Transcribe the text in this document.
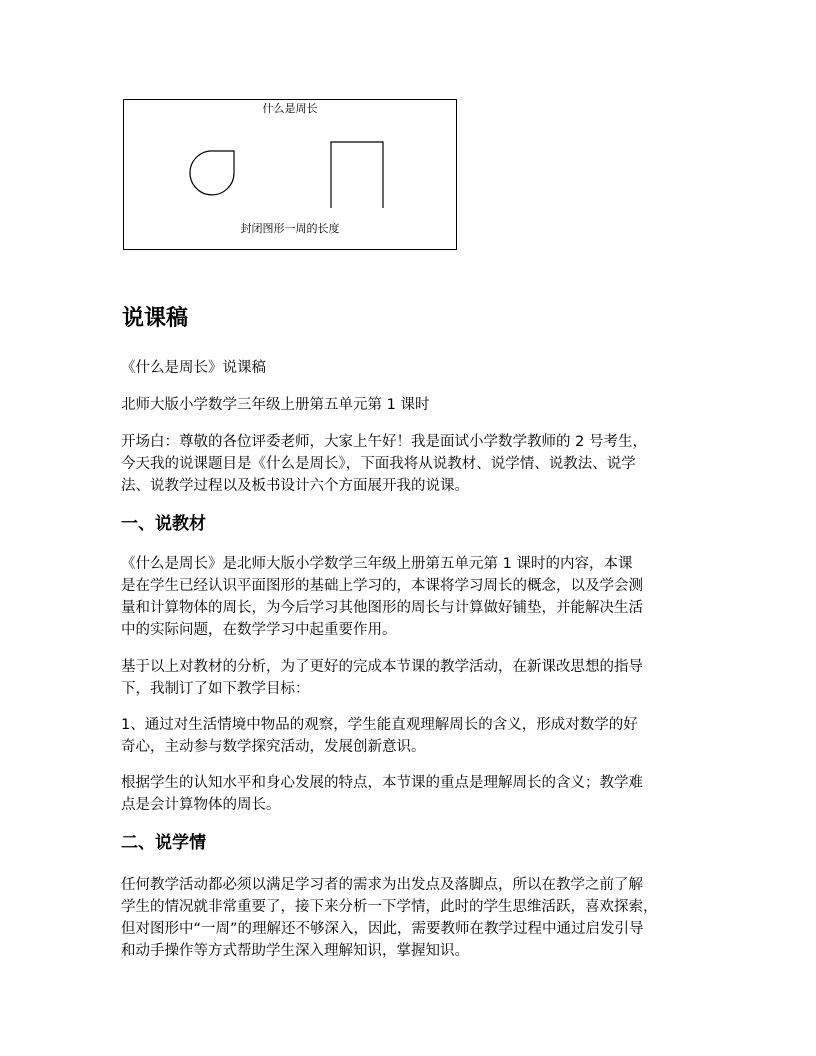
什么是周长
封闭图形一周的长度
说课稿

《什么是周长》说课稿

北师大版小学数学三年级上册第五单元第 1 课时

开场白：尊敬的各位评委老师，大家上午好！我是面试小学数学教师的 2 号考生，

今天我的说课题目是《什么是周长》，下面我将从说教材、说学情、说教法、说学

法、说教学过程以及板书设计六个方面展开我的说课。

一、说教材

《什么是周长》是北师大版小学数学三年级上册第五单元第 1 课时的内容，本课

是在学生已经认识平面图形的基础上学习的，本课将学习周长的概念，以及学会测

量和计算物体的周长，为今后学习其他图形的周长与计算做好铺垫，并能解决生活

中的实际问题，在数学学习中起重要作用。

基于以上对教材的分析，为了更好的完成本节课的教学活动，在新课改思想的指导

下，我制订了如下教学目标：

1、通过对生活情境中物品的观察，学生能直观理解周长的含义，形成对数学的好

奇心，主动参与数学探究活动，发展创新意识。

根据学生的认知水平和身心发展的特点，本节课的重点是理解周长的含义；教学难

点是会计算物体的周长。

二、说学情

任何教学活动都必须以满足学习者的需求为出发点及落脚点，所以在教学之前了解

学生的情况就非常重要了，接下来分析一下学情，此时的学生思维活跃，喜欢探索，

但对图形中“一周”的理解还不够深入，因此，需要教师在教学过程中通过启发引导

和动手操作等方式帮助学生深入理解知识，掌握知识。
